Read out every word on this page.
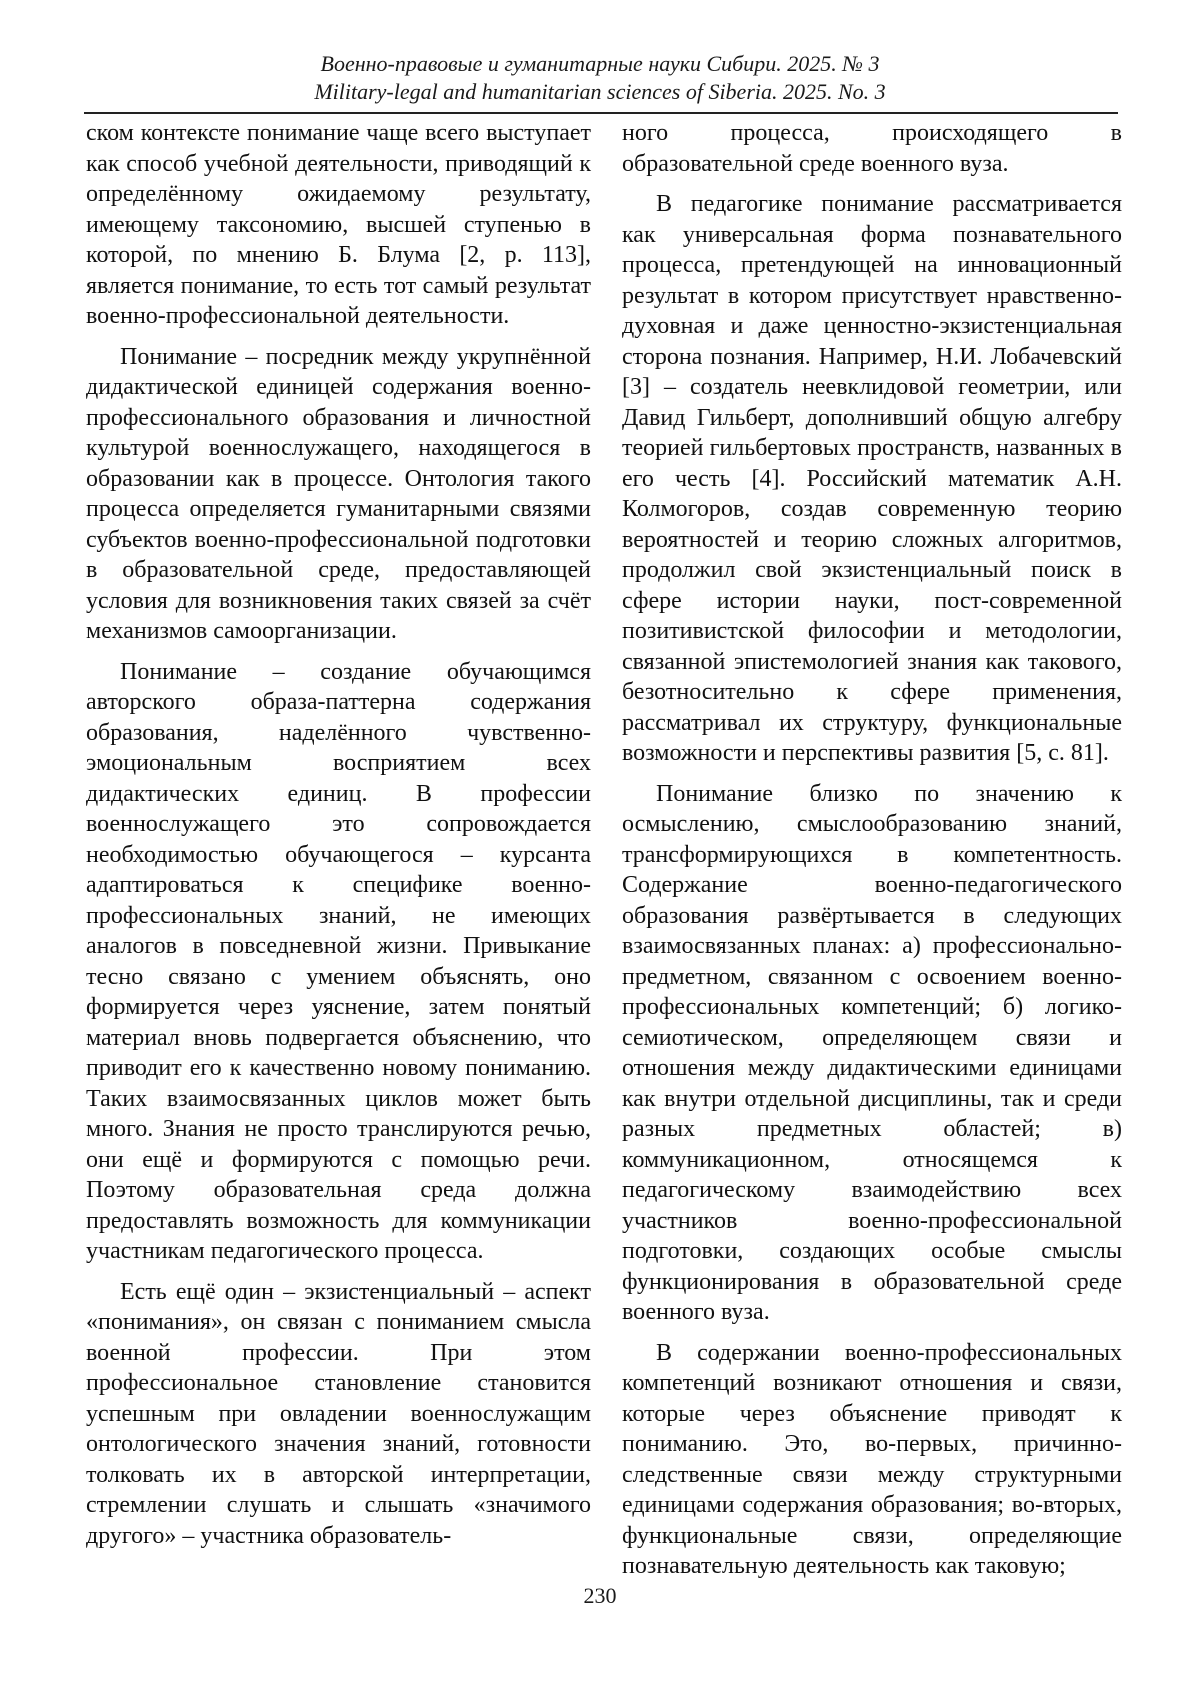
Военно-правовые и гуманитарные науки Сибири. 2025. № 3
Military-legal and humanitarian sciences of Siberia. 2025. No. 3

ском контексте понимание чаще всего выступает как способ учебной деятельности, приводящий к определённому ожидаемому результату, имеющему таксономию, высшей ступенью в которой, по мнению Б. Блума [2, p. 113], является понимание, то есть тот самый результат военно-профессиональной деятельности.

Понимание – посредник между укрупнённой дидактической единицей содержания военно-профессионального образования и личностной культурой военнослужащего, находящегося в образовании как в процессе. Онтология такого процесса определяется гуманитарными связями субъектов военно-профессиональной подготовки в образовательной среде, предоставляющей условия для возникновения таких связей за счёт механизмов самоорганизации.

Понимание – создание обучающимся авторского образа-паттерна содержания образования, наделённого чувственно-эмоциональным восприятием всех дидактических единиц. В профессии военнослужащего это сопровождается необходимостью обучающегося – курсанта адаптироваться к специфике военно-профессиональных знаний, не имеющих аналогов в повседневной жизни. Привыкание тесно связано с умением объяснять, оно формируется через уяснение, затем понятый материал вновь подвергается объяснению, что приводит его к качественно новому пониманию. Таких взаимосвязанных циклов может быть много. Знания не просто транслируются речью, они ещё и формируются с помощью речи. Поэтому образовательная среда должна предоставлять возможность для коммуникации участникам педагогического процесса.

Есть ещё один – экзистенциальный – аспект «понимания», он связан с пониманием смысла военной профессии. При этом профессиональное становление становится успешным при овладении военнослужащим онтологического значения знаний, готовности толковать их в авторской интерпретации, стремлении слушать и слышать «значимого другого» – участника образователь-

ного процесса, происходящего в образовательной среде военного вуза.

В педагогике понимание рассматривается как универсальная форма познавательного процесса, претендующей на инновационный результат в котором присутствует нравственно-духовная и даже ценностно-экзистенциальная сторона познания. Например, Н.И. Лобачевский [3] – создатель неевклидовой геометрии, или Давид Гильберт, дополнивший общую алгебру теорией гильбертовых пространств, названных в его честь [4]. Российский математик А.Н. Колмогоров, создав современную теорию вероятностей и теорию сложных алгоритмов, продолжил свой экзистенциальный поиск в сфере истории науки, пост-современной позитивистской философии и методологии, связанной эпистемологией знания как такового, безотносительно к сфере применения, рассматривал их структуру, функциональные возможности и перспективы развития [5, с. 81].

Понимание близко по значению к осмыслению, смыслообразованию знаний, трансформирующихся в компетентность. Содержание военно-педагогического образования развёртывается в следующих взаимосвязанных планах: а) профессионально-предметном, связанном с освоением военно-профессиональных компетенций; б) логико-семиотическом, определяющем связи и отношения между дидактическими единицами как внутри отдельной дисциплины, так и среди разных предметных областей; в) коммуникационном, относящемся к педагогическому взаимодействию всех участников военно-профессиональной подготовки, создающих особые смыслы функционирования в образовательной среде военного вуза.

В содержании военно-профессиональных компетенций возникают отношения и связи, которые через объяснение приводят к пониманию. Это, во-первых, причинно-следственные связи между структурными единицами содержания образования; во-вторых, функциональные связи, определяющие познавательную деятельность как таковую;

230
